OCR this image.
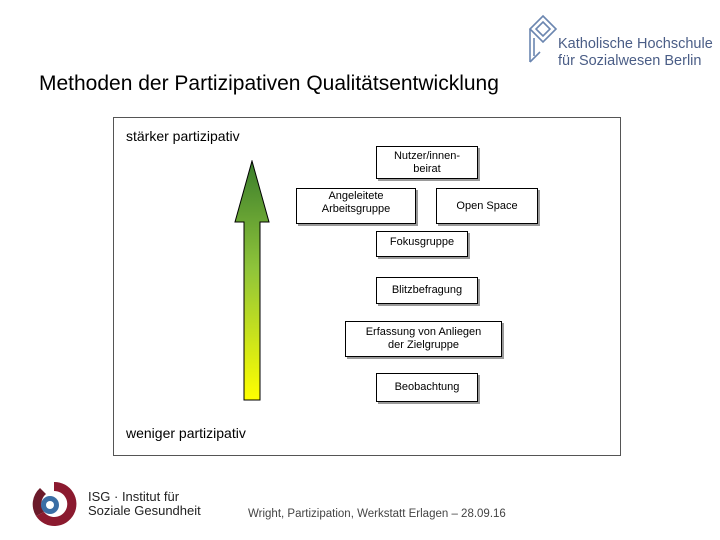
Methoden der Partizipativen Qualitätsentwicklung
Katholische Hochschule
für Sozialwesen Berlin
stärker partizipativ
weniger partizipativ
Nutzer/innen-
beirat
Angeleitete
Arbeitsgruppe	Open Space
Fokusgruppe
Blitzbefragung
Erfassung von Anliegen
der Zielgruppe
Beobachtung
ISG · Institut für
Soziale Gesundheit	Wright, Partizipation, Werkstatt Erlagen – 28.09.16
